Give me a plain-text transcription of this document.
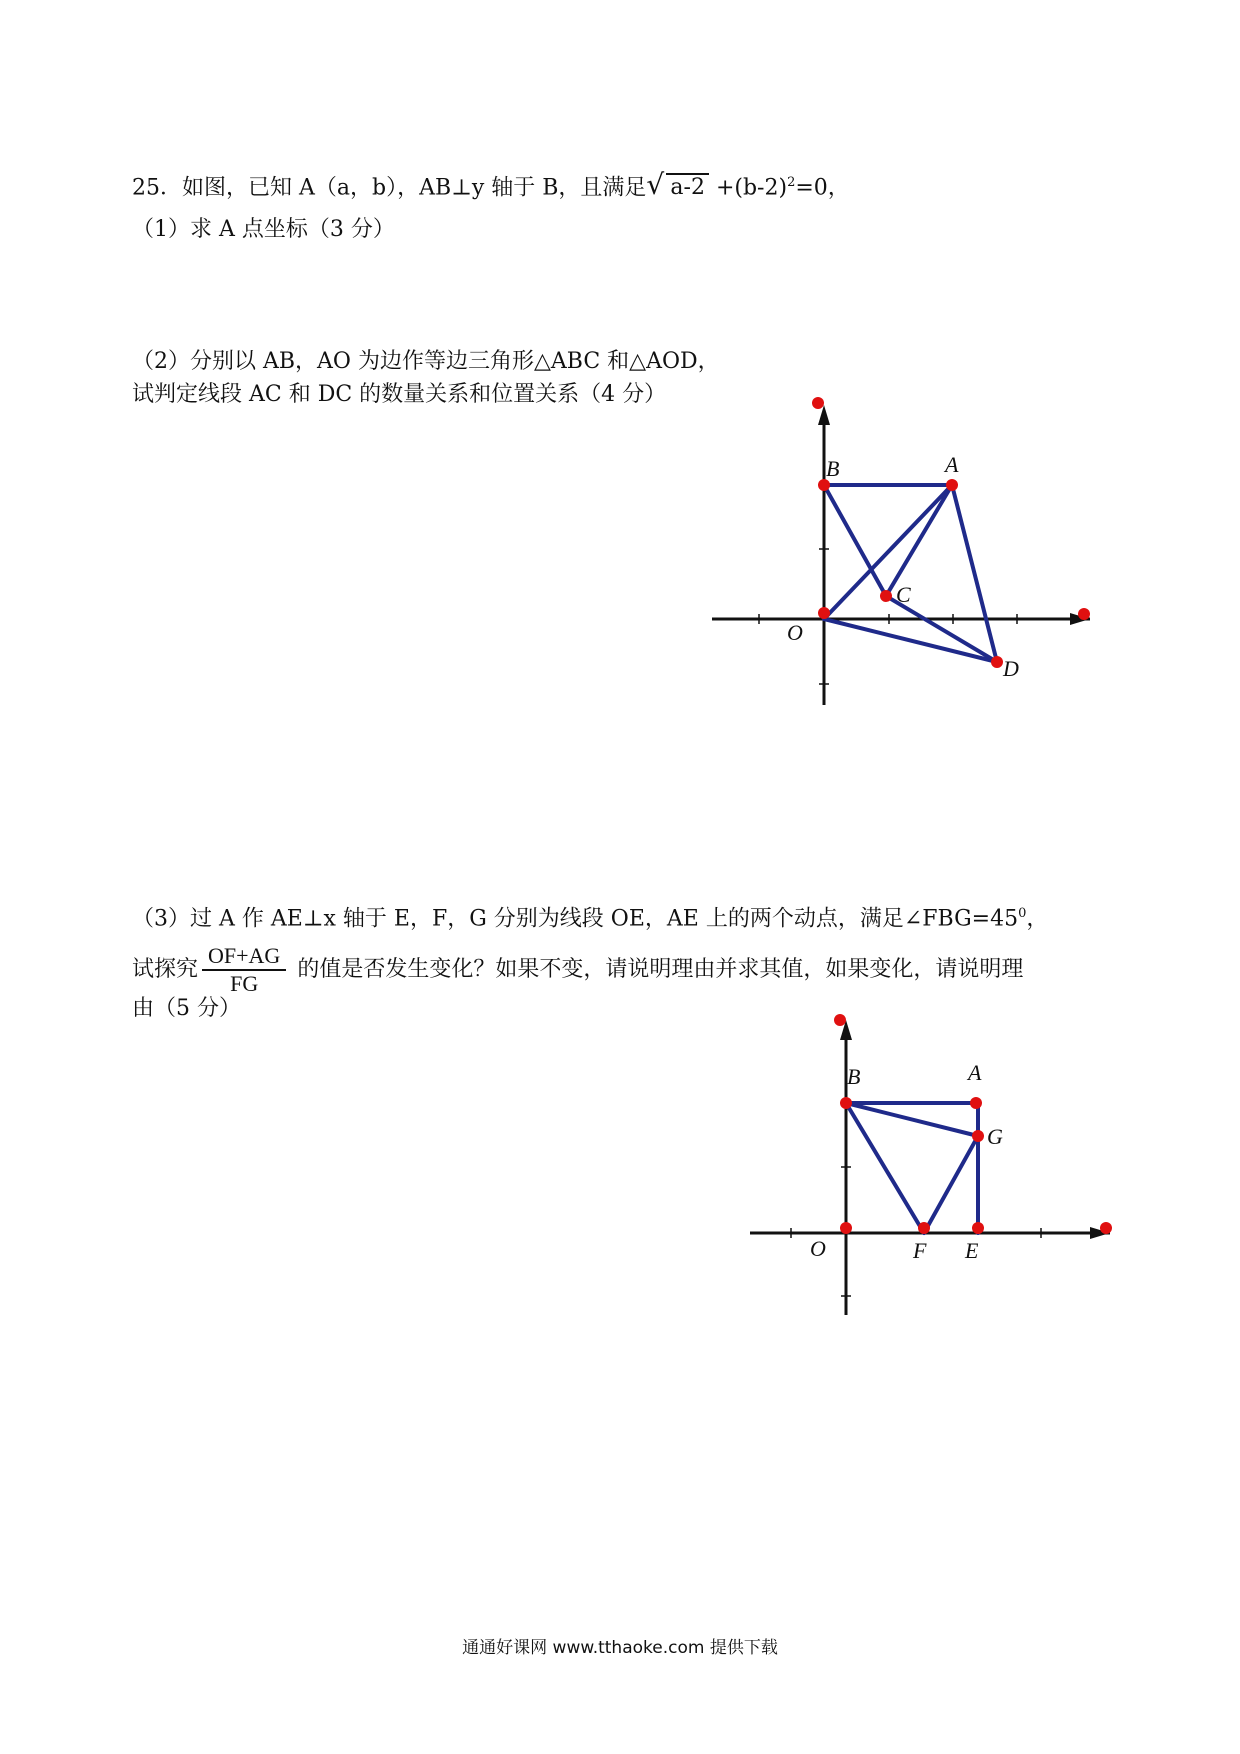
25．如图，已知 A（a，b），AB⊥y 轴于 B，且满足 √ $a-2 +(b-2)^2=0$，
（1）求 A 点坐标（3 分）
（2）分别以 AB，AO 为边作等边三角形△ABC 和△AOD，
试判定线段 AC 和 DC 的数量关系和位置关系（4 分）
B	A
C
O
D
（3）过 A 作 AE⊥x 轴于 E，F，G 分别为线段 OE，AE 上的两个动点，满足$\angle FBG=45^0$，
试探究 $\frac{OF+AG}{FG}$ 的值是否发生变化？如果不变，请说明理由并求其值，如果变化，请说明理
由（5 分）
B	A
G
O	F E
通通好课网 www.tthaoke.com 提供下载
